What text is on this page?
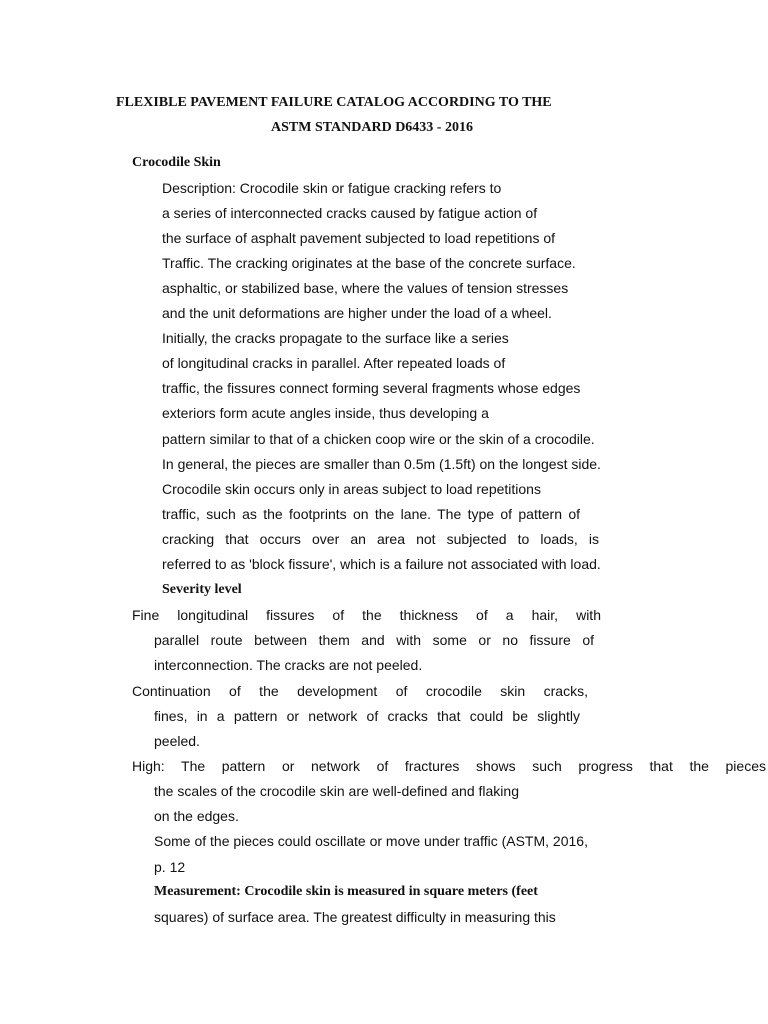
FLEXIBLE PAVEMENT FAILURE CATALOG ACCORDING TO THE
ASTM STANDARD D6433 - 2016
Crocodile Skin
Description: Crocodile skin or fatigue cracking refers to
a series of interconnected cracks caused by fatigue action of
the surface of asphalt pavement subjected to load repetitions of
Traffic. The cracking originates at the base of the concrete surface.
asphaltic, or stabilized base, where the values of tension stresses
and the unit deformations are higher under the load of a wheel.
Initially, the cracks propagate to the surface like a series
of longitudinal cracks in parallel. After repeated loads of
traffic, the fissures connect forming several fragments whose edges
exteriors form acute angles inside, thus developing a
pattern similar to that of a chicken coop wire or the skin of a crocodile.
In general, the pieces are smaller than 0.5m (1.5ft) on the longest side.
Crocodile skin occurs only in areas subject to load repetitions
traffic, such as the footprints on the lane. The type of pattern of
cracking that occurs over an area not subjected to loads, is
referred to as 'block fissure', which is a failure not associated with load.
Severity level
Fine longitudinal fissures of the thickness of a hair, with
parallel route between them and with some or no fissure of
interconnection. The cracks are not peeled.
Continuation of the development of crocodile skin cracks,
fines, in a pattern or network of cracks that could be slightly
peeled.
High: The pattern or network of fractures shows such progress that the pieces
the scales of the crocodile skin are well-defined and flaking
on the edges.
Some of the pieces could oscillate or move under traffic (ASTM, 2016,
p. 12
Measurement: Crocodile skin is measured in square meters (feet
squares) of surface area. The greatest difficulty in measuring this
